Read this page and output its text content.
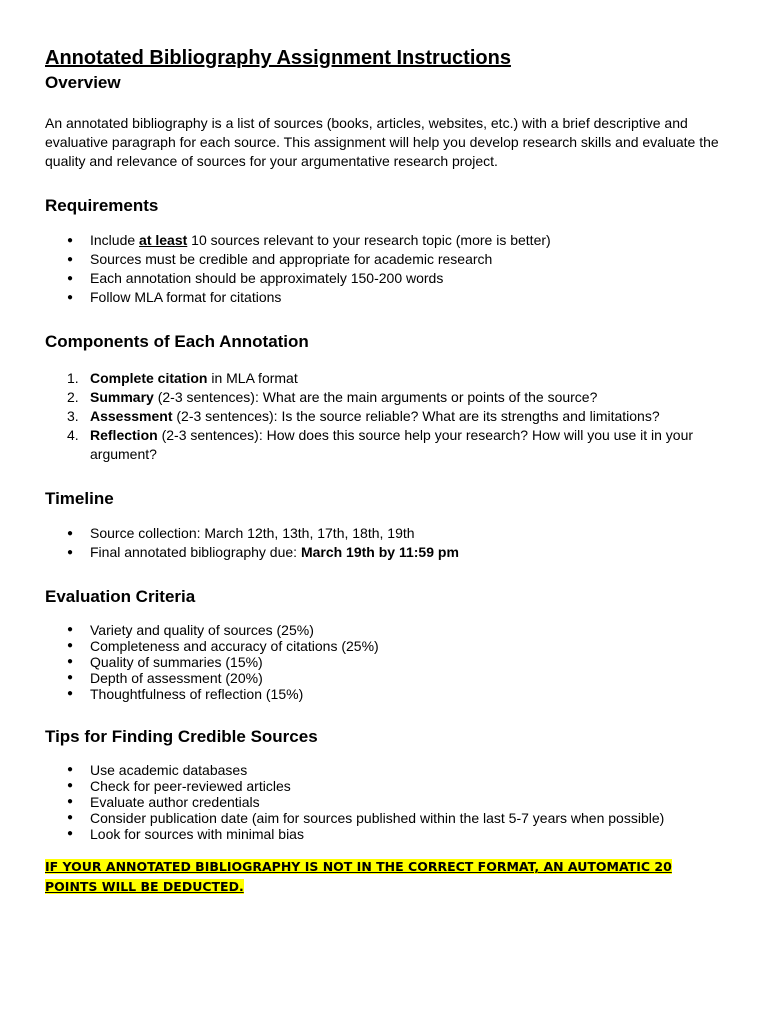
Annotated Bibliography Assignment Instructions
Overview

An annotated bibliography is a list of sources (books, articles, websites, etc.) with a brief descriptive and evaluative paragraph for each source. This assignment will help you develop research skills and evaluate the quality and relevance of sources for your argumentative research project.

Requirements
● Include at least 10 sources relevant to your research topic (more is better)
● Sources must be credible and appropriate for academic research
● Each annotation should be approximately 150-200 words
● Follow MLA format for citations
Components of Each Annotation
1. Complete citation in MLA format
2. Summary (2-3 sentences): What are the main arguments or points of the source?
3. Assessment (2-3 sentences): Is the source reliable? What are its strengths and limitations?
4. Reflection (2-3 sentences): How does this source help your research? How will you use it in your argument?
Timeline
● Source collection: March 12th, 13th, 17th, 18th, 19th
● Final annotated bibliography due: March 19th by 11:59 pm
Evaluation Criteria
● Variety and quality of sources (25%)
● Completeness and accuracy of citations (25%)
● Quality of summaries (15%)
● Depth of assessment (20%)
● Thoughtfulness of reflection (15%)
Tips for Finding Credible Sources
● Use academic databases
● Check for peer-reviewed articles
● Evaluate author credentials
● Consider publication date (aim for sources published within the last 5-7 years when possible)
● Look for sources with minimal bias
IF YOUR ANNOTATED BIBLIOGRAPHY IS NOT IN THE CORRECT FORMAT, AN AUTOMATIC 20 POINTS WILL BE DEDUCTED.
